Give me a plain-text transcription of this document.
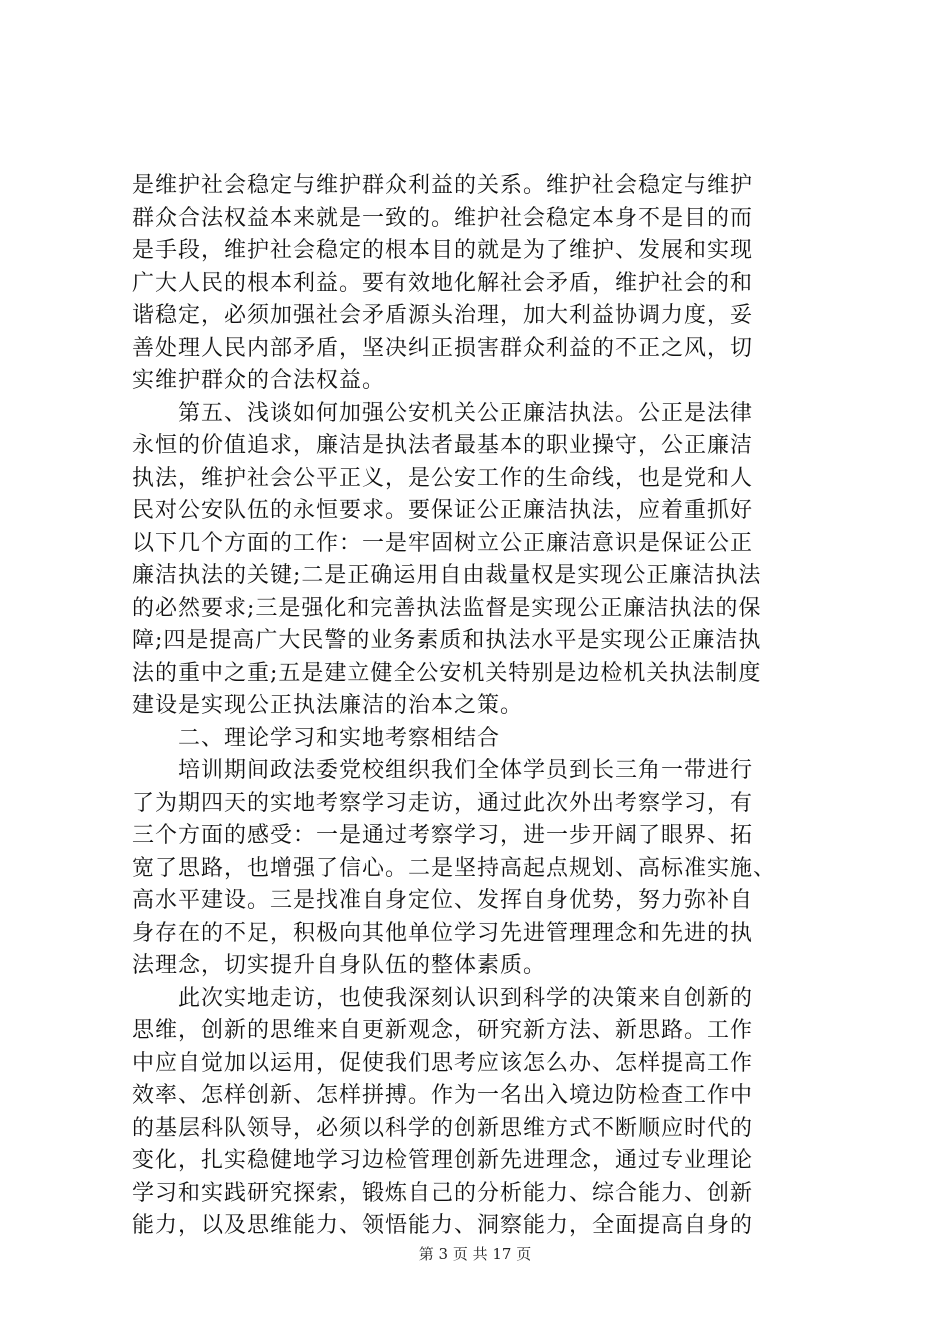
是维护社会稳定与维护群众利益的关系。维护社会稳定与维护
群众合法权益本来就是一致的。维护社会稳定本身不是目的而
是手段，维护社会稳定的根本目的就是为了维护、发展和实现
广大人民的根本利益。要有效地化解社会矛盾，维护社会的和
谐稳定，必须加强社会矛盾源头治理，加大利益协调力度，妥
善处理人民内部矛盾，坚决纠正损害群众利益的不正之风，切
实维护群众的合法权益。
　　第五、浅谈如何加强公安机关公正廉洁执法。公正是法律
永恒的价值追求，廉洁是执法者最基本的职业操守，公正廉洁
执法，维护社会公平正义，是公安工作的生命线，也是党和人
民对公安队伍的永恒要求。要保证公正廉洁执法，应着重抓好
以下几个方面的工作：一是牢固树立公正廉洁意识是保证公正
廉洁执法的关键;二是正确运用自由裁量权是实现公正廉洁执法
的必然要求;三是强化和完善执法监督是实现公正廉洁执法的保
障;四是提高广大民警的业务素质和执法水平是实现公正廉洁执
法的重中之重;五是建立健全公安机关特别是边检机关执法制度
建设是实现公正执法廉洁的治本之策。
　　二、理论学习和实地考察相结合
　　培训期间政法委党校组织我们全体学员到长三角一带进行
了为期四天的实地考察学习走访，通过此次外出考察学习，有
三个方面的感受：一是通过考察学习，进一步开阔了眼界、拓
宽了思路，也增强了信心。二是坚持高起点规划、高标准实施、
高水平建设。三是找准自身定位、发挥自身优势，努力弥补自
身存在的不足，积极向其他单位学习先进管理理念和先进的执
法理念，切实提升自身队伍的整体素质。
　　此次实地走访，也使我深刻认识到科学的决策来自创新的
思维，创新的思维来自更新观念，研究新方法、新思路。工作
中应自觉加以运用，促使我们思考应该怎么办、怎样提高工作
效率、怎样创新、怎样拼搏。作为一名出入境边防检查工作中
的基层科队领导，必须以科学的创新思维方式不断顺应时代的
变化，扎实稳健地学习边检管理创新先进理念，通过专业理论
学习和实践研究探索，锻炼自己的分析能力、综合能力、创新
能力，以及思维能力、领悟能力、洞察能力，全面提高自身的
第 3 页 共 17 页
